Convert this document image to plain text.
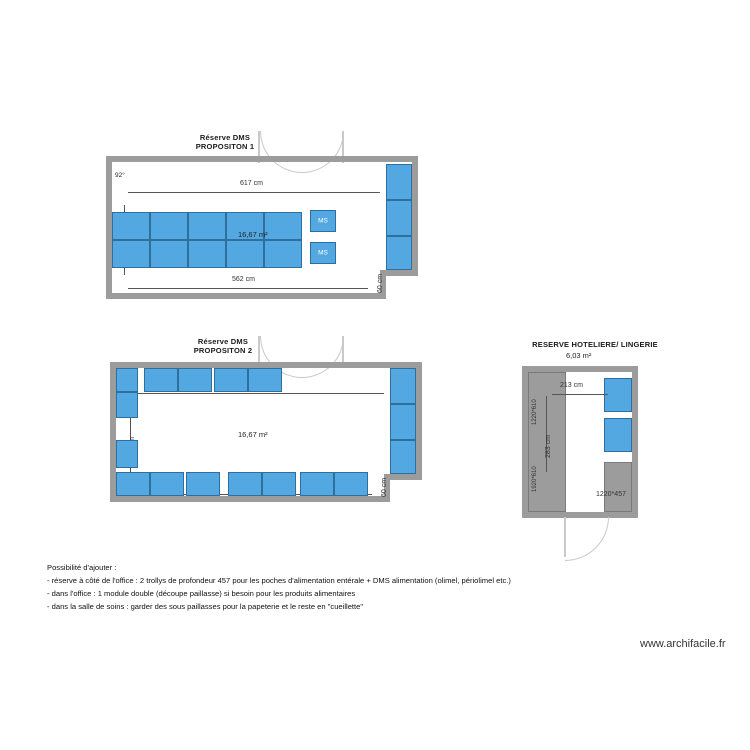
Réserve DMS
PROPOSITON 1
92°
617 cm
562 cm	60 cm
MS
MS
16,67 m²
Réserve DMS
PROPOSITON 2
60 cm
16,67 m²
RESERVE HOTELIERE/ LINGERIE
6,03 m²
213 cm
283 cm
1220*610
1920*610
1220*457
Possibilité d'ajouter :
- réserve à côté de l'office : 2 trollys de profondeur 457 pour les poches d'alimentation entérale + DMS alimentation (olimel, périolimel etc.)
- dans l'office : 1 module double (découpe paillasse) si besoin pour les produits alimentaires
- dans la salle de soins : garder des sous paillasses pour la papeterie et le reste en "cueillette"
www.archifacile.fr
